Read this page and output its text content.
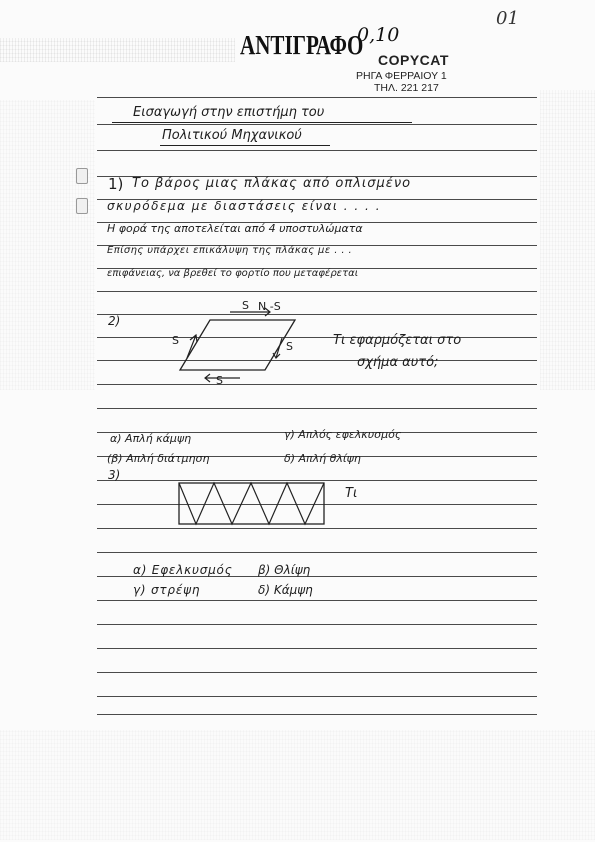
01
ΑΝΤΙΓΡΑΦΟ
0,10
COPYCAT
ΡΗΓΑ ΦΕΡΡΑΙΟΥ 1
ΤΗΛ. 221 217
Εισαγωγή στην επιστήμη του
Πολιτικού Μηχανικού
1) Το βάρος μιας πλάκας από οπλισμένο
σκυρόδεμα με διαστάσεις είναι . . . .
Η φορά της αποτελείται από 4 υποστυλώματα
Επίσης υπάρχει επικάλυψη της πλάκας με . . .
επιφάνειας, να βρεθεί το φορτίο που μεταφέρεται
2)
S Ν -S
S	S
S
Τι εφαρμόζεται στο
σχήμα αυτό;
α) Απλή κάμψη	γ) Απλός εφελκυσμός
(β) Απλή διάτμηση	δ) Απλή θλίψη
3)
Τι
α) Εφελκυσμός β) Θλίψη
γ) στρέψη	δ) Κάμψη
